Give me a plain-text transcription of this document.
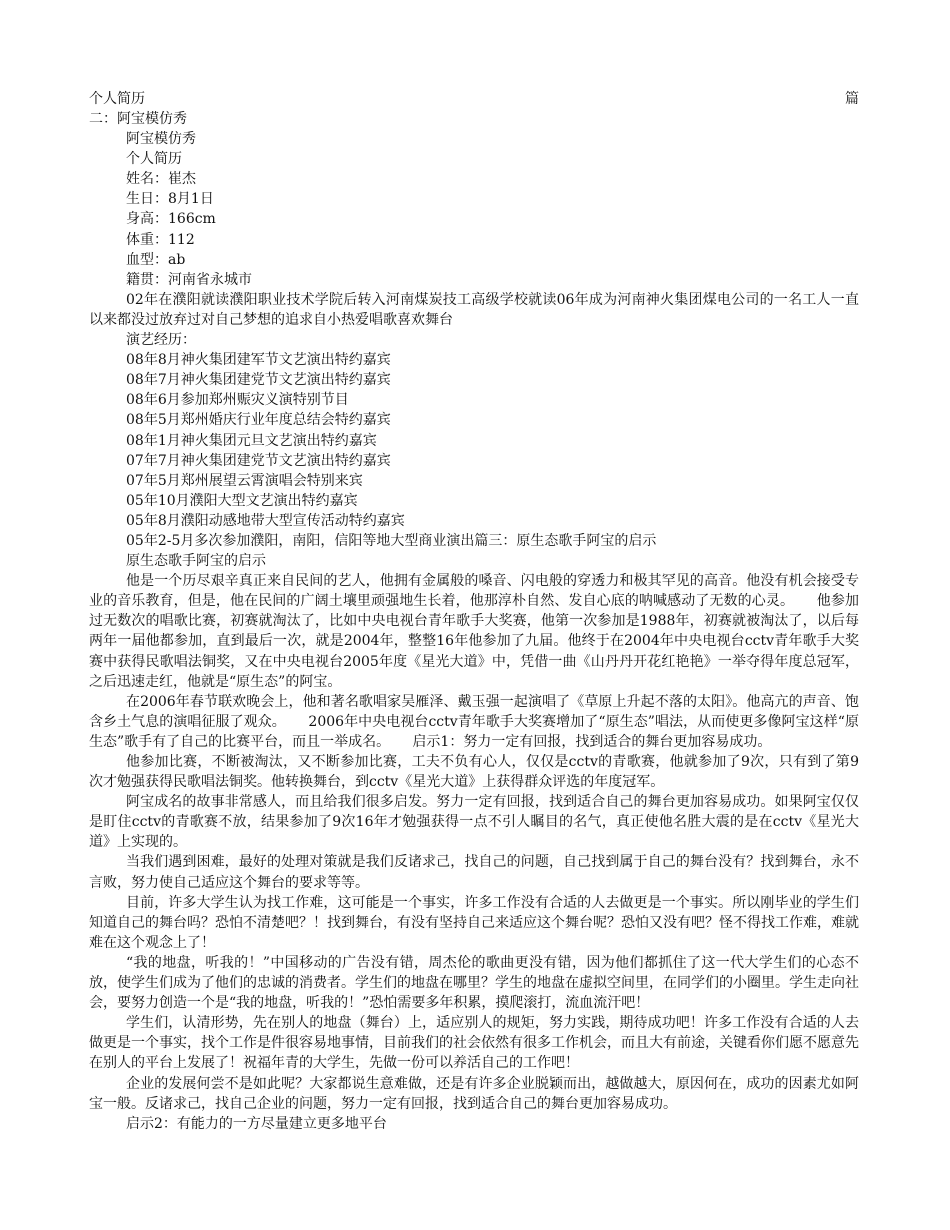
个人简历	篇
二：阿宝模仿秀
阿宝模仿秀
个人简历
姓名：崔杰
生日：8月1日
身高：166cm
体重：112
血型：ab
籍贯：河南省永城市

02年在濮阳就读濮阳职业技术学院后转入河南煤炭技工高级学校就读06年成为河南神火集团煤电公司的一名工人一直以来都没过放弃过对自己梦想的追求自小热爱唱歌喜欢舞台

演艺经历：
08年8月神火集团建军节文艺演出特约嘉宾
08年7月神火集团建党节文艺演出特约嘉宾
08年6月参加郑州赈灾义演特别节目
08年5月郑州婚庆行业年度总结会特约嘉宾
08年1月神火集团元旦文艺演出特约嘉宾
07年7月神火集团建党节文艺演出特约嘉宾
07年5月郑州展望云霄演唱会特别来宾
05年10月濮阳大型文艺演出特约嘉宾
05年8月濮阳动感地带大型宣传活动特约嘉宾
05年2-5月多次参加濮阳，南阳，信阳等地大型商业演出篇三：原生态歌手阿宝的启示
原生态歌手阿宝的启示

他是一个历尽艰辛真正来自民间的艺人，他拥有金属般的嗓音、闪电般的穿透力和极其罕见的高音。他没有机会接受专业的音乐教育，但是，他在民间的广阔土壤里顽强地生长着，他那淳朴自然、发自心底的呐喊感动了无数的心灵。     他参加过无数次的唱歌比赛，初赛就淘汰了，比如中央电视台青年歌手大奖赛，他第一次参加是1988年，初赛就被淘汰了，以后每两年一届他都参加，直到最后一次，就是2004年，整整16年他参加了九届。他终于在2004年中央电视台cctv青年歌手大奖赛中获得民歌唱法铜奖，又在中央电视台2005年度《星光大道》中，凭借一曲《山丹丹开花红艳艳》一举夺得年度总冠军，之后迅速走红，他就是“原生态”的阿宝。

在2006年春节联欢晚会上，他和著名歌唱家吴雁泽、戴玉强一起演唱了《草原上升起不落的太阳》。他高亢的声音、饱含乡土气息的演唱征服了观众。     2006年中央电视台cctv青年歌手大奖赛增加了“原生态”唱法，从而使更多像阿宝这样“原生态”歌手有了自己的比赛平台，而且一举成名。     启示1：努力一定有回报，找到适合的舞台更加容易成功。

他参加比赛，不断被淘汰，又不断参加比赛，工夫不负有心人，仅仅是cctv的青歌赛，他就参加了9次，只有到了第9次才勉强获得民歌唱法铜奖。他转换舞台，到cctv《星光大道》上获得群众评选的年度冠军。

阿宝成名的故事非常感人，而且给我们很多启发。努力一定有回报，找到适合自己的舞台更加容易成功。如果阿宝仅仅是盯住cctv的青歌赛不放，结果参加了9次16年才勉强获得一点不引人瞩目的名气，真正使他名胜大震的是在cctv《星光大道》上实现的。

当我们遇到困难，最好的处理对策就是我们反诸求己，找自己的问题，自己找到属于自己的舞台没有？找到舞台，永不言败，努力使自己适应这个舞台的要求等等。

目前，许多大学生认为找工作难，这可能是一个事实，许多工作没有合适的人去做更是一个事实。所以刚毕业的学生们知道自己的舞台吗？恐怕不清楚吧？！找到舞台，有没有坚持自己来适应这个舞台呢？恐怕又没有吧？怪不得找工作难，难就难在这个观念上了！

“我的地盘，听我的！”中国移动的广告没有错，周杰伦的歌曲更没有错，因为他们都抓住了这一代大学生们的心态不放，使学生们成为了他们的忠诚的消费者。学生们的地盘在哪里？学生的地盘在虚拟空间里，在同学们的小圈里。学生走向社会，要努力创造一个是“我的地盘，听我的！”恐怕需要多年积累，摸爬滚打，流血流汗吧！

学生们，认清形势，先在别人的地盘（舞台）上，适应别人的规矩，努力实践，期待成功吧！许多工作没有合适的人去做更是一个事实，找个工作是件很容易地事情，目前我们的社会依然有很多工作机会，而且大有前途，关键看你们愿不愿意先在别人的平台上发展了！祝福年青的大学生，先做一份可以养活自己的工作吧！

企业的发展何尝不是如此呢？大家都说生意难做，还是有许多企业脱颖而出，越做越大，原因何在，成功的因素尤如阿宝一般。反诸求己，找自己企业的问题，努力一定有回报，找到适合自己的舞台更加容易成功。

启示2：有能力的一方尽量建立更多地平台
